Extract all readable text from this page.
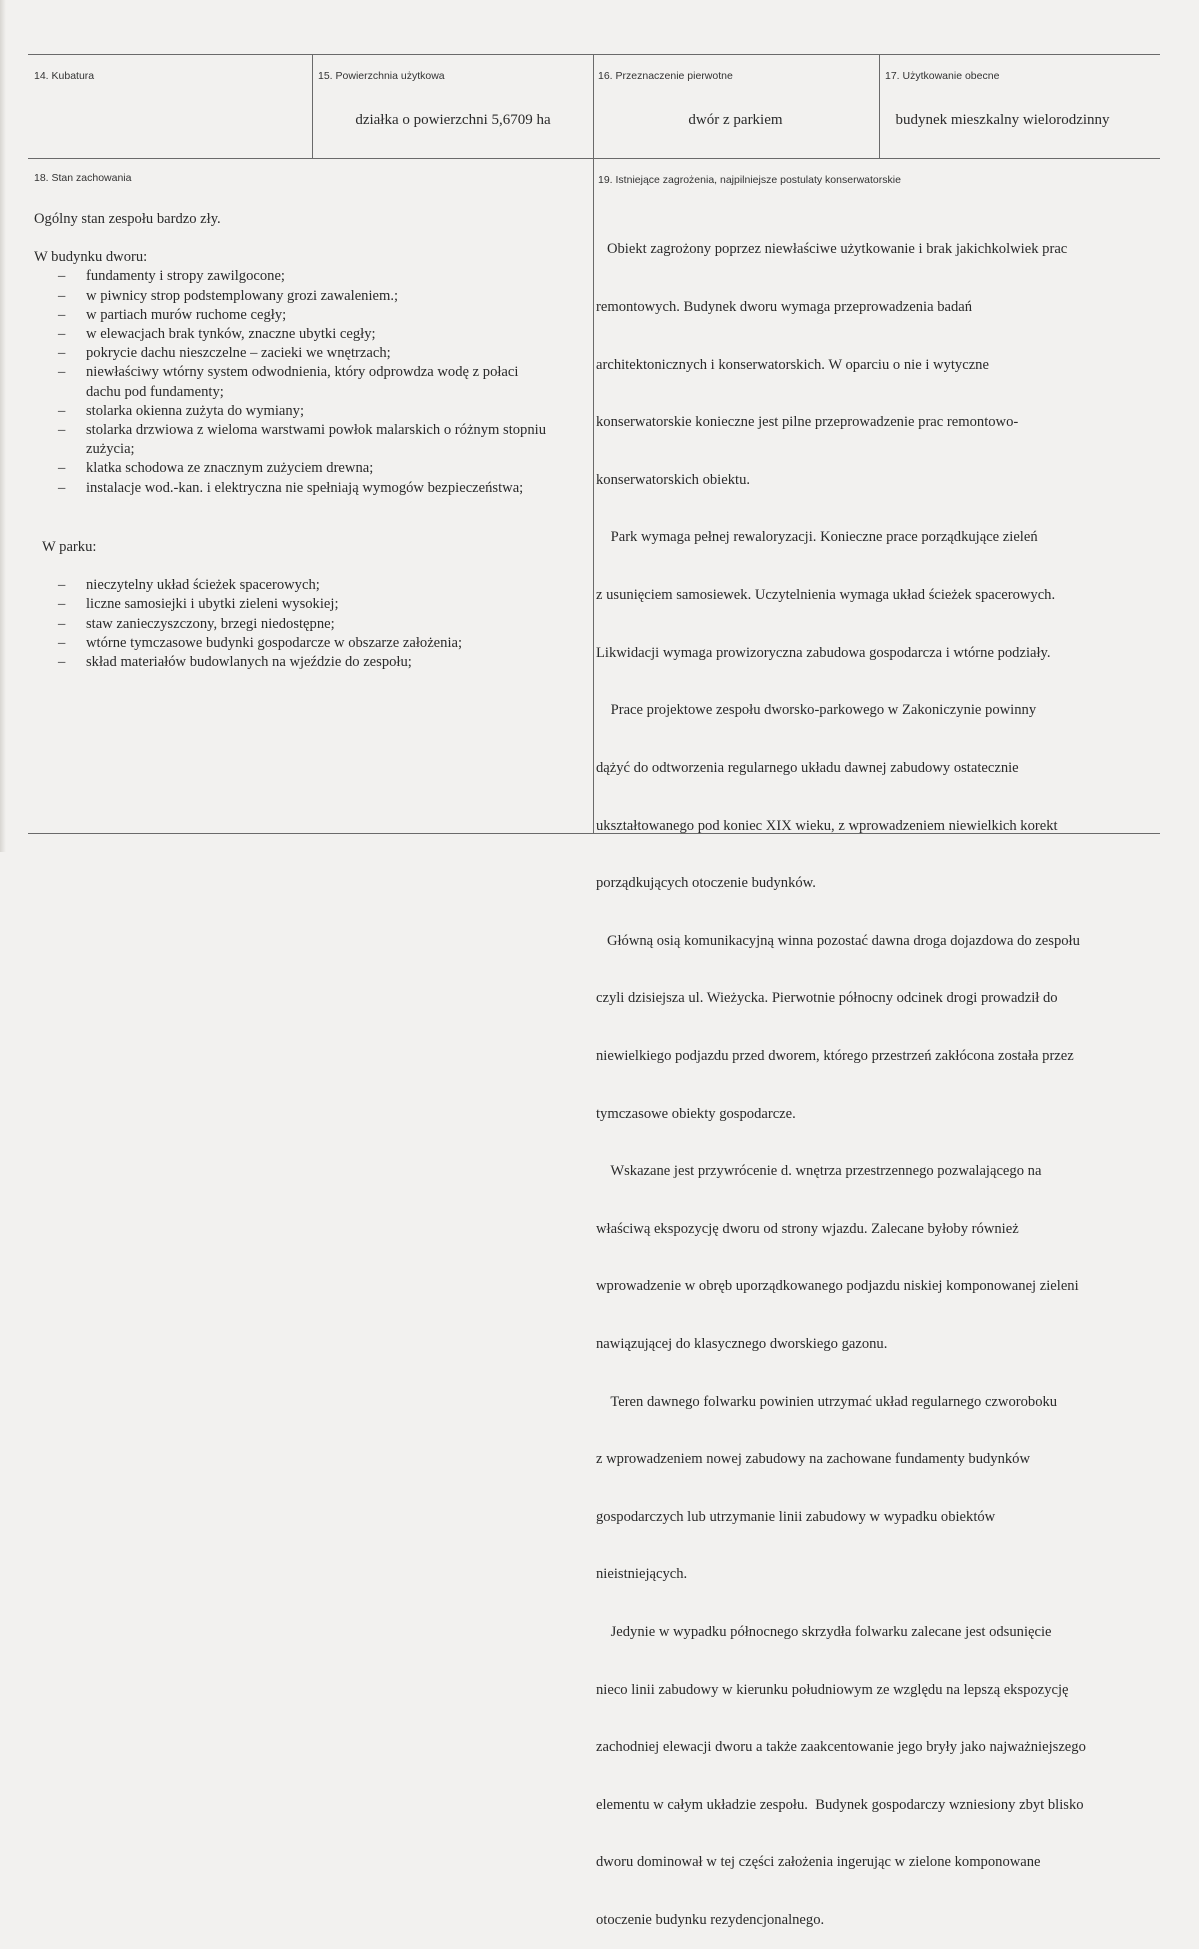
14. Kubatura	15. Powierzchnia użytkowa
działka o powierzchni 5,6709 ha
16. Przeznaczenie pierwotne
dwór z parkiem
17. Użytkowanie obecne
budynek mieszkalny wielorodzinny
18. Stan zachowania
Ogólny stan zespołu bardzo zły.
W budynku dworu:
– fundamenty i stropy zawilgocone;
– w piwnicy strop podstemplowany grozi zawaleniem.;
– w partiach murów ruchome cegły;
– w elewacjach brak tynków, znaczne ubytki cegły;
– pokrycie dachu nieszczelne – zacieki we wnętrzach;
– niewłaściwy wtórny system odwodnienia, który odprowdza wodę z połaci
dachu pod fundamenty;
– stolarka okienna zużyta do wymiany;
– stolarka drzwiowa z wieloma warstwami powłok malarskich o różnym stopniu
zużycia;
– klatka schodowa ze znacznym zużyciem drewna;
– instalacje wod.-kan. i elektryczna nie spełniają wymogów bezpieczeństwa;
W parku:
– nieczytelny układ ścieżek spacerowych;
– liczne samosiejki i ubytki zieleni wysokiej;
– staw zanieczyszczony, brzegi niedostępne;
– wtórne tymczasowe budynki gospodarcze w obszarze założenia;
– skład materiałów budowlanych na wjeździe do zespołu;
19. Istniejące zagrożenia, najpilniejsze postulaty konserwatorskie

Obiekt zagrożony poprzez niewłaściwe użytkowanie i brak jakichkolwiek prac

remontowych. Budynek dworu wymaga przeprowadzenia badań

architektonicznych i konserwatorskich. W oparciu o nie i wytyczne

konserwatorskie konieczne jest pilne przeprowadzenie prac remontowo-

konserwatorskich obiektu.

Park wymaga pełnej rewaloryzacji. Konieczne prace porządkujące zieleń

z usunięciem samosiewek. Uczytelnienia wymaga układ ścieżek spacerowych.

Likwidacji wymaga prowizoryczna zabudowa gospodarcza i wtórne podziały.

Prace projektowe zespołu dworsko-parkowego w Zakoniczynie powinny

dążyć do odtworzenia regularnego układu dawnej zabudowy ostatecznie

ukształtowanego pod koniec XIX wieku, z wprowadzeniem niewielkich korekt

porządkujących otoczenie budynków.

Główną osią komunikacyjną winna pozostać dawna droga dojazdowa do zespołu

czyli dzisiejsza ul. Wieżycka. Pierwotnie północny odcinek drogi prowadził do

niewielkiego podjazdu przed dworem, którego przestrzeń zakłócona została przez

tymczasowe obiekty gospodarcze.

Wskazane jest przywrócenie d. wnętrza przestrzennego pozwalającego na

właściwą ekspozycję dworu od strony wjazdu. Zalecane byłoby również

wprowadzenie w obręb uporządkowanego podjazdu niskiej komponowanej zieleni

nawiązującej do klasycznego dworskiego gazonu.

Teren dawnego folwarku powinien utrzymać układ regularnego czworoboku

z wprowadzeniem nowej zabudowy na zachowane fundamenty budynków

gospodarczych lub utrzymanie linii zabudowy w wypadku obiektów

nieistniejących.

Jedynie w wypadku północnego skrzydła folwarku zalecane jest odsunięcie

nieco linii zabudowy w kierunku południowym ze względu na lepszą ekspozycję

zachodniej elewacji dworu a także zaakcentowanie jego bryły jako najważniejszego

elementu w całym układzie zespołu.  Budynek gospodarczy wzniesiony zbyt blisko

dworu dominował w tej części założenia ingerując w zielone komponowane

otoczenie budynku rezydencjonalnego.
